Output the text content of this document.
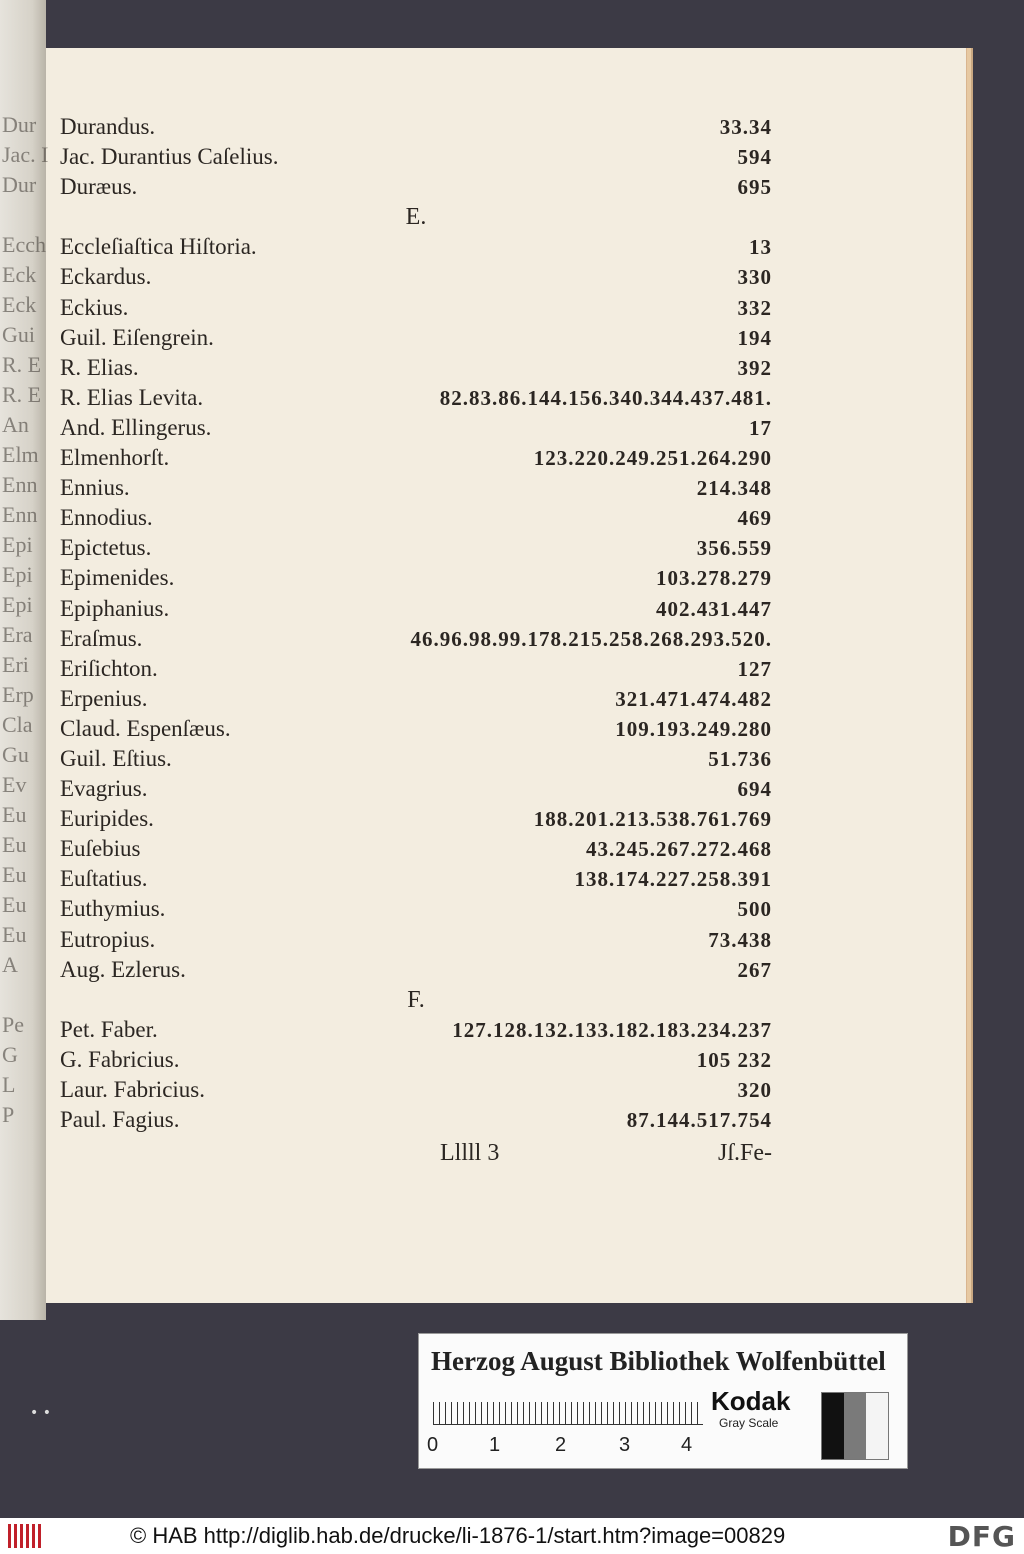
Dur
Jac. I
Dur
Ecch
Eck
Eck
Gui
R. E
R. E
An
Elm
Enn
Enn
Epi
Epi
Epi
Era
Eri
Erp
Cla
Gu
Ev
Eu
Eu
Eu
Eu
Eu
A
Pe
G
L
P
Durandus.	33.34
Jac. Durantius Caſelius.	594
Duræus.	695
E.
Eccleſiaſtica Hiſtoria.	13
Eckardus.	330
Eckius.	332
Guil. Eiſengrein.	194
R. Elias.	392
R. Elias Levita.	82.83.86.144.156.340.344.437.481.
And. Ellingerus.	17
Elmenhorſt.	123.220.249.251.264.290
Ennius.	214.348
Ennodius.	469
Epictetus.	356.559
Epimenides.	103.278.279
Epiphanius.	402.431.447
Eraſmus.	46.96.98.99.178.215.258.268.293.520.
Eriſichton.	127
Erpenius.	321.471.474.482
Claud. Espenſæus.	109.193.249.280
Guil. Eſtius.	51.736
Evagrius.	694
Euripides.	188.201.213.538.761.769
Euſebius	43.245.267.272.468
Euſtatius.	138.174.227.258.391
Euthymius.	500
Eutropius.	73.438
Aug. Ezlerus.	267
F.
Pet. Faber.	127.128.132.133.182.183.234.237
G. Fabricius.	105 232
Laur. Fabricius.	320
Paul. Fagius.	87.144.517.754
Lllll 3	Jſ.Fe-
• •
Herzog August Bibliothek Wolfenbüttel
0	1	2	3	4
Kodak
Gray Scale
© HAB http://diglib.hab.de/drucke/li-1876-1/start.htm?image=00829	DFG
